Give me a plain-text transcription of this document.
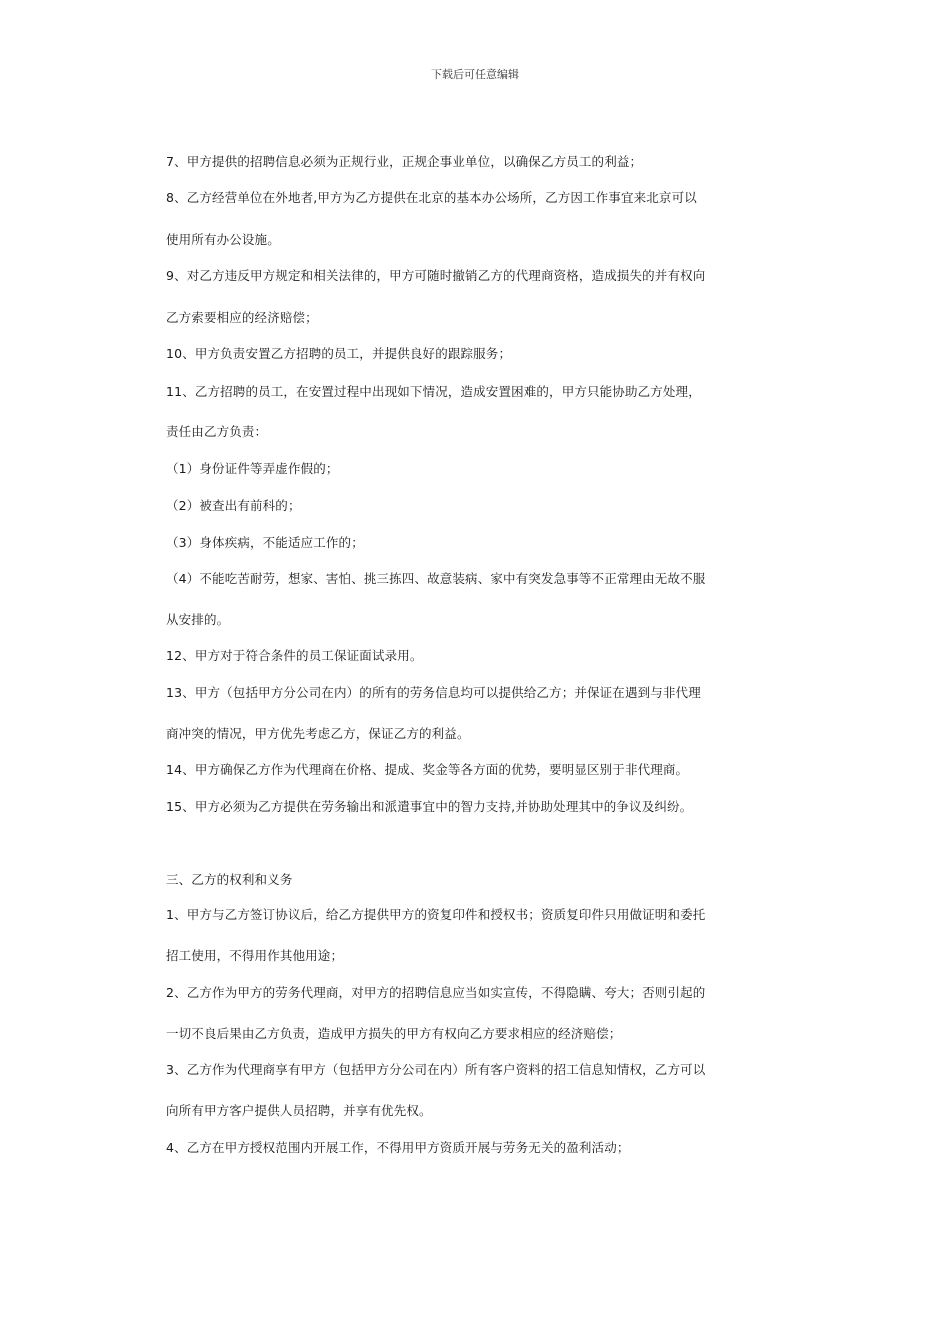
下载后可任意编辑
7、甲方提供的招聘信息必须为正规行业，正规企事业单位，以确保乙方员工的利益；
8、乙方经营单位在外地者,甲方为乙方提供在北京的基本办公场所，乙方因工作事宜来北京可以
使用所有办公设施。
9、对乙方违反甲方规定和相关法律的，甲方可随时撤销乙方的代理商资格，造成损失的并有权向
乙方索要相应的经济赔偿；
10、甲方负责安置乙方招聘的员工，并提供良好的跟踪服务；
11、乙方招聘的员工，在安置过程中出现如下情况，造成安置困难的，甲方只能协助乙方处理，
责任由乙方负责：
（1）身份证件等弄虚作假的；
（2）被查出有前科的；
（3）身体疾病，不能适应工作的；
（4）不能吃苦耐劳，想家、害怕、挑三拣四、故意装病、家中有突发急事等不正常理由无故不服
从安排的。
12、甲方对于符合条件的员工保证面试录用。
13、甲方（包括甲方分公司在内）的所有的劳务信息均可以提供给乙方；并保证在遇到与非代理
商冲突的情况，甲方优先考虑乙方，保证乙方的利益。
14、甲方确保乙方作为代理商在价格、提成、奖金等各方面的优势，要明显区别于非代理商。
15、甲方必须为乙方提供在劳务输出和派遣事宜中的智力支持,并协助处理其中的争议及纠纷。
三、乙方的权利和义务
1、甲方与乙方签订协议后，给乙方提供甲方的资复印件和授权书；资质复印件只用做证明和委托
招工使用，不得用作其他用途；
2、乙方作为甲方的劳务代理商，对甲方的招聘信息应当如实宣传，不得隐瞒、夸大；否则引起的
一切不良后果由乙方负责，造成甲方损失的甲方有权向乙方要求相应的经济赔偿；
3、乙方作为代理商享有甲方（包括甲方分公司在内）所有客户资料的招工信息知情权，乙方可以
向所有甲方客户提供人员招聘，并享有优先权。
4、乙方在甲方授权范围内开展工作，不得用甲方资质开展与劳务无关的盈利活动；
